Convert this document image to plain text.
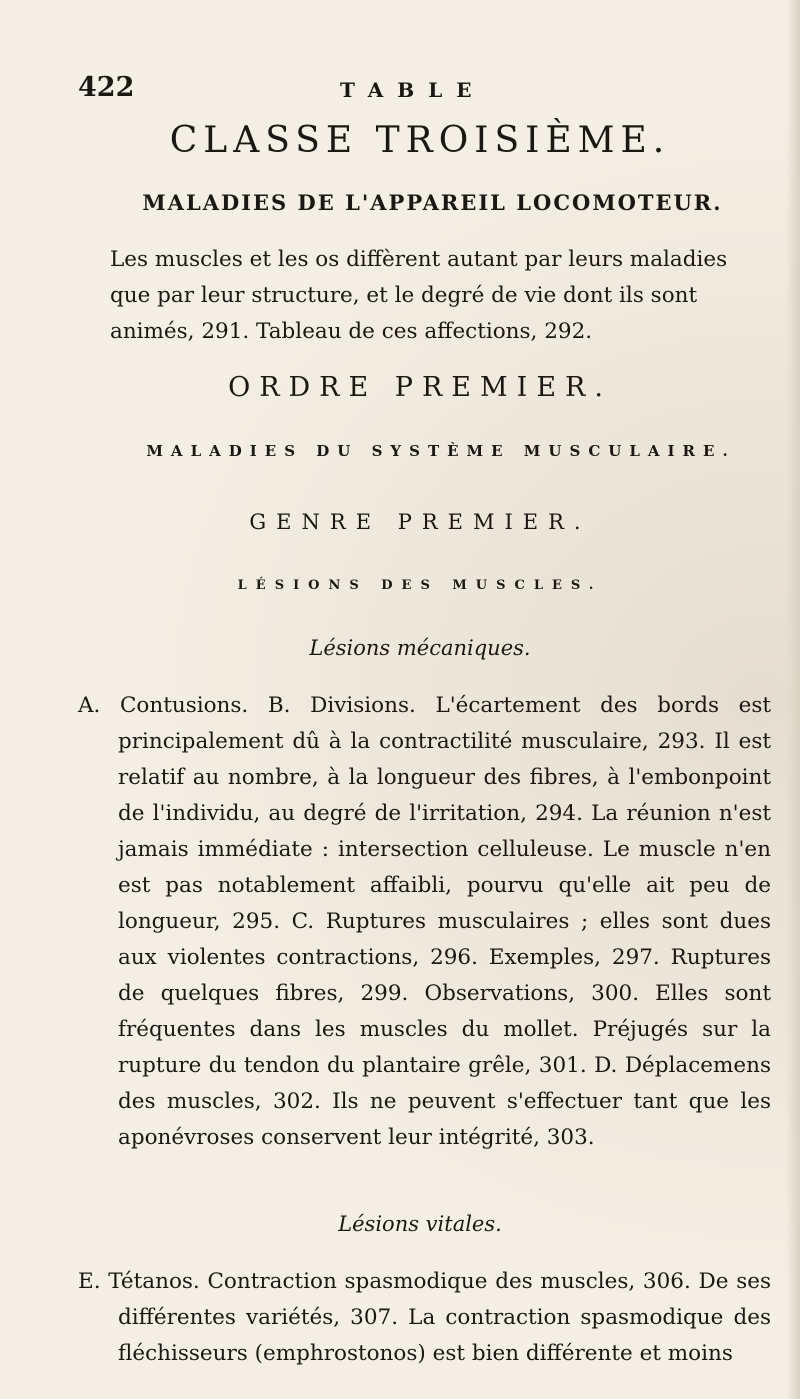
422	TABLE
CLASSE TROISIÈME.
MALADIES DE L'APPAREIL LOCOMOTEUR.
Les muscles et les os diffèrent autant par leurs maladies que par leur structure, et le degré de vie dont ils sont animés, 291. Tableau de ces affections, 292.
ORDRE PREMIER.
MALADIES DU SYSTÈME MUSCULAIRE.
GENRE PREMIER.
LÉSIONS DES MUSCLES.
Lésions mécaniques.
A. Contusions. B. Divisions. L'écartement des bords est principalement dû à la contractilité musculaire, 293. Il est relatif au nombre, à la longueur des fibres, à l'embonpoint de l'individu, au degré de l'irritation, 294. La réunion n'est jamais immédiate : intersection celluleuse. Le muscle n'en est pas notablement affaibli, pourvu qu'elle ait peu de longueur, 295. C. Ruptures musculaires ; elles sont dues aux violentes contractions, 296. Exemples, 297. Ruptures de quelques fibres, 299. Observations, 300. Elles sont fréquentes dans les muscles du mollet. Préjugés sur la rupture du tendon du plantaire grêle, 301. D. Déplacemens des muscles, 302. Ils ne peuvent s'effectuer tant que les aponévroses conservent leur intégrité, 303.
Lésions vitales.
E. Tétanos. Contraction spasmodique des muscles, 306. De ses différentes variétés, 307. La contraction spasmodique des fléchisseurs (emphrostonos) est bien différente et moins
